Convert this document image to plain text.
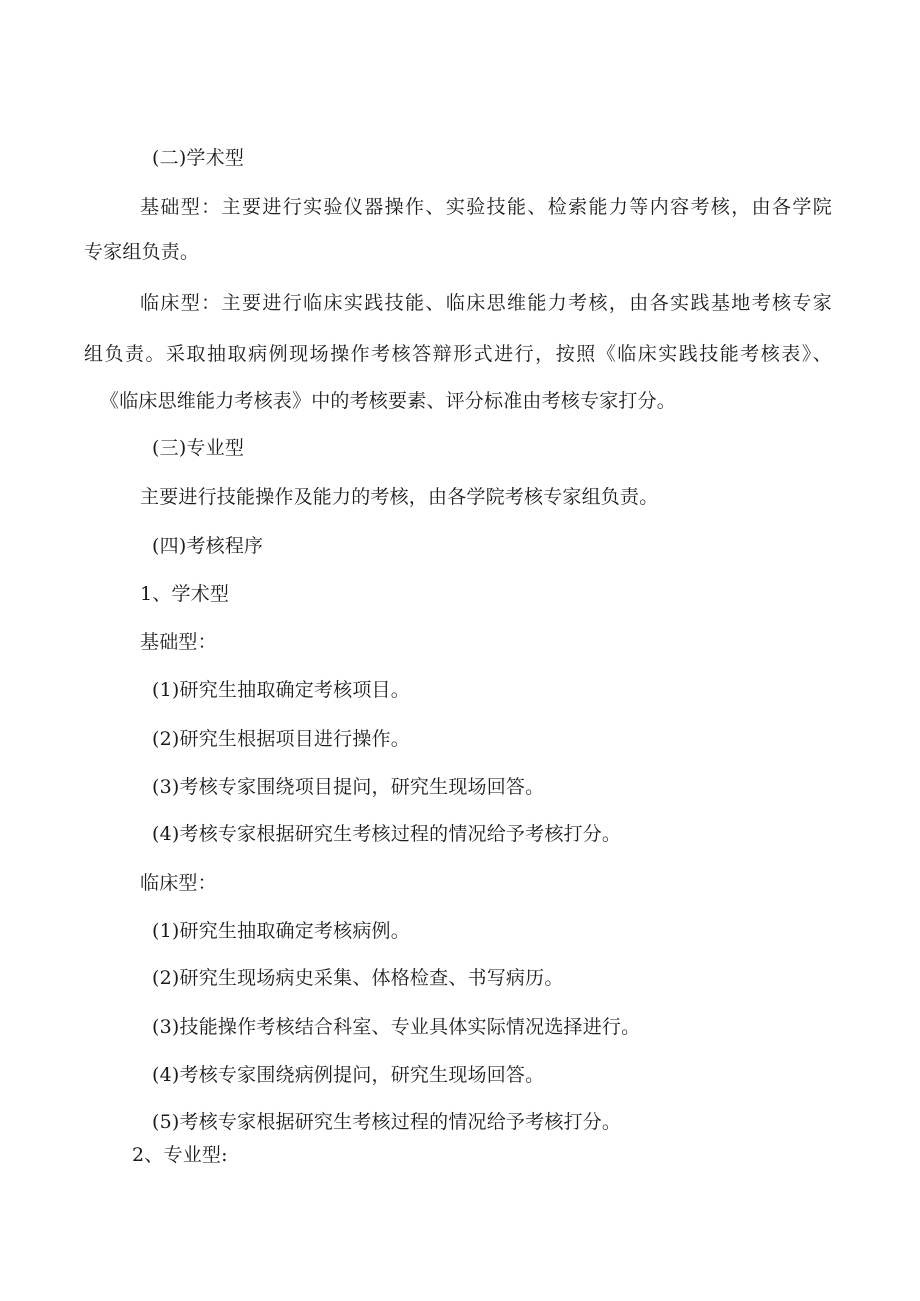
(二)学术型
基础型：主要进行实验仪器操作、实验技能、检索能力等内容考核，由各学院
专家组负责。
临床型：主要进行临床实践技能、临床思维能力考核，由各实践基地考核专家
组负责。采取抽取病例现场操作考核答辩形式进行，按照《临床实践技能考核表》、
《临床思维能力考核表》中的考核要素、评分标准由考核专家打分。
(三)专业型
主要进行技能操作及能力的考核，由各学院考核专家组负责。
(四)考核程序
1、学术型
基础型：
(1)研究生抽取确定考核项目。
(2)研究生根据项目进行操作。
(3)考核专家围绕项目提问，研究生现场回答。
(4)考核专家根据研究生考核过程的情况给予考核打分。
临床型：
(1)研究生抽取确定考核病例。
(2)研究生现场病史采集、体格检查、书写病历。
(3)技能操作考核结合科室、专业具体实际情况选择进行。
(4)考核专家围绕病例提问，研究生现场回答。
(5)考核专家根据研究生考核过程的情况给予考核打分。
2、专业型:
